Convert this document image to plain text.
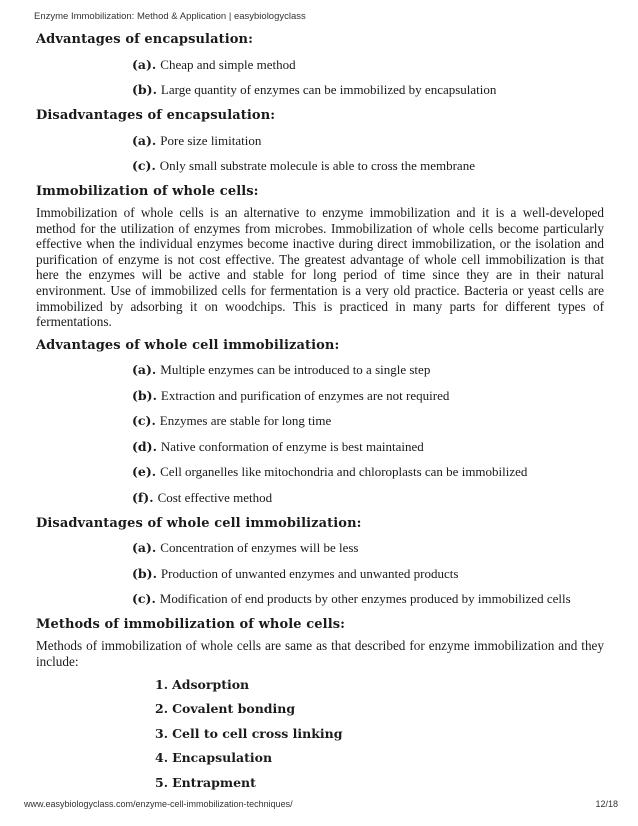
Enzyme Immobilization: Method & Application | easybiologyclass
Advantages of encapsulation:
(a). Cheap and simple method
(b). Large quantity of enzymes can be immobilized by encapsulation
Disadvantages of encapsulation:
(a). Pore size limitation
(c). Only small substrate molecule is able to cross the membrane
Immobilization of whole cells:

Immobilization of whole cells is an alternative to enzyme immobilization and it is a well-developed method for the utilization of enzymes from microbes. Immobilization of whole cells become particularly effective when the individual enzymes become inactive during direct immobilization, or the isolation and purification of enzyme is not cost effective. The greatest advantage of whole cell immobilization is that here the enzymes will be active and stable for long period of time since they are in their natural environment. Use of immobilized cells for fermentation is a very old practice. Bacteria or yeast cells are immobilized by adsorbing it on woodchips. This is practiced in many parts for different types of fermentations.

Advantages of whole cell immobilization:
(a). Multiple enzymes can be introduced to a single step
(b). Extraction and purification of enzymes are not required
(c). Enzymes are stable for long time
(d). Native conformation of enzyme is best maintained
(e). Cell organelles like mitochondria and chloroplasts can be immobilized
(f). Cost effective method
Disadvantages of whole cell immobilization:
(a). Concentration of enzymes will be less
(b). Production of unwanted enzymes and unwanted products
(c). Modification of end products by other enzymes produced by immobilized cells
Methods of immobilization of whole cells:

Methods of immobilization of whole cells are same as that described for enzyme immobilization and they include:

1. Adsorption
2. Covalent bonding
3. Cell to cell cross linking
4. Encapsulation
5. Entrapment
www.easybiologyclass.com/enzyme-cell-immobilization-techniques/	12/18
